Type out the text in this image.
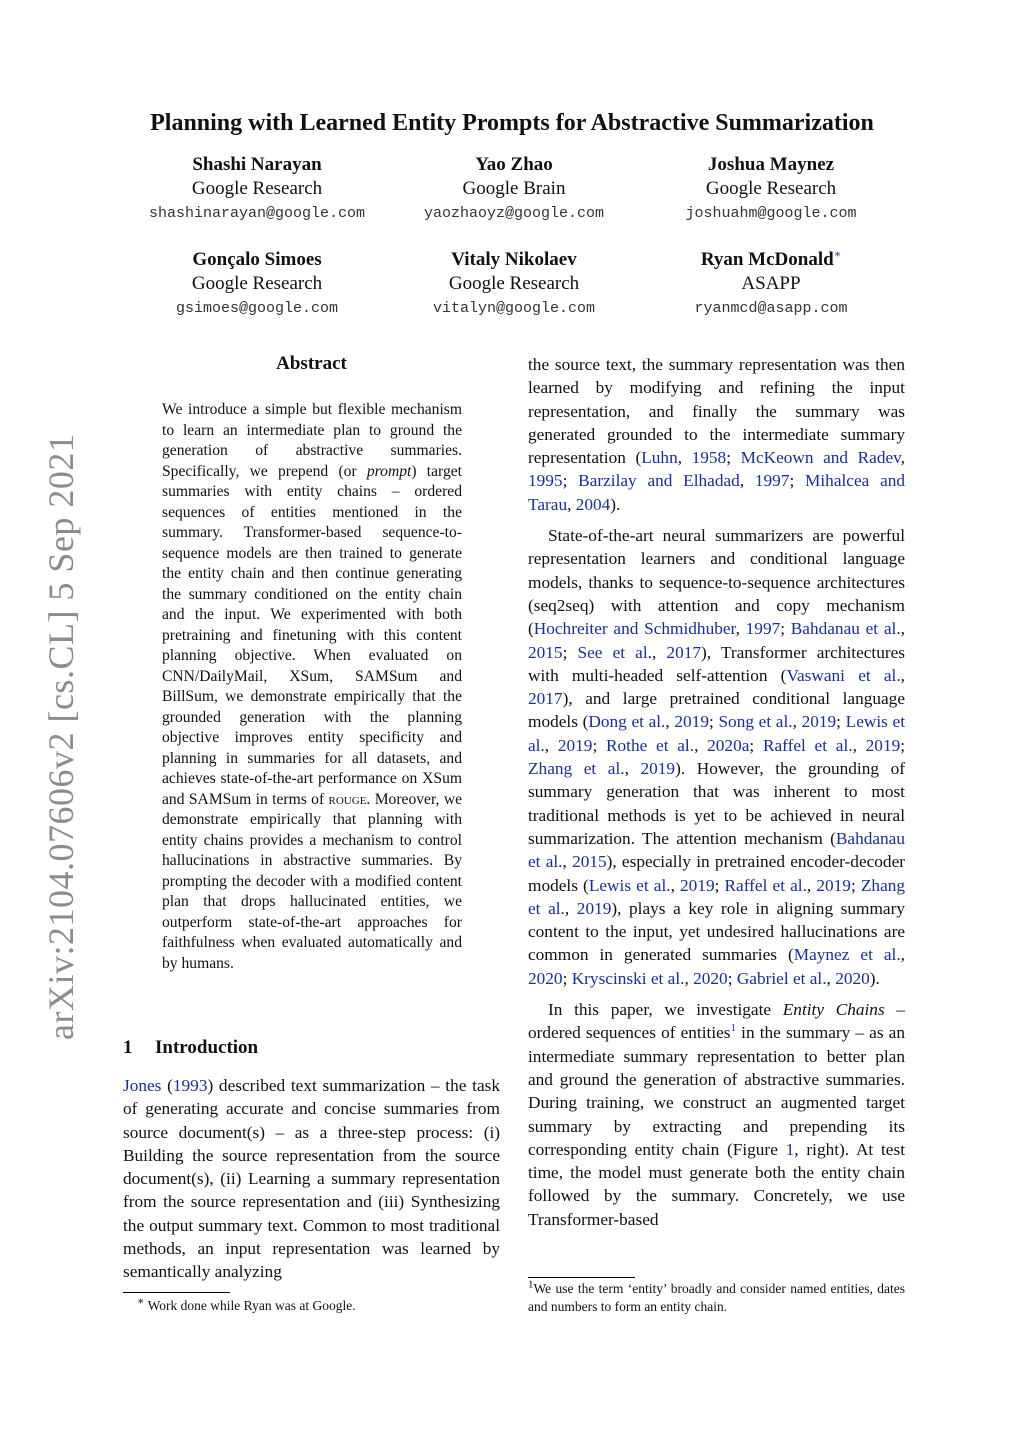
arXiv:2104.07606v2 [cs.CL] 5 Sep 2021
Planning with Learned Entity Prompts for Abstractive Summarization
Shashi Narayan
Google Research
shashinarayan@google.com
Yao Zhao
Google Brain
yaozhaoyz@google.com
Joshua Maynez
Google Research
joshuahm@google.com
Gonçalo Simoes
Google Research
gsimoes@google.com
Vitaly Nikolaev
Google Research
vitalyn@google.com
Ryan McDonald∗
ASAPP
ryanmcd@asapp.com
Abstract

We introduce a simple but flexible mechanism to learn an intermediate plan to ground the generation of abstractive summaries. Specifically, we prepend (or prompt) target summaries with entity chains – ordered sequences of entities mentioned in the summary. Transformer-based sequence-to-sequence models are then trained to generate the entity chain and then continue generating the summary conditioned on the entity chain and the input. We experimented with both pretraining and finetuning with this content planning objective. When evaluated on CNN/DailyMail, XSum, SAMSum and BillSum, we demonstrate empirically that the grounded generation with the planning objective improves entity specificity and planning in summaries for all datasets, and achieves state-of-the-art performance on XSum and SAMSum in terms of rouge. Moreover, we demonstrate empirically that planning with entity chains provides a mechanism to control hallucinations in abstractive summaries. By prompting the decoder with a modified content plan that drops hallucinated entities, we outperform state-of-the-art approaches for faithfulness when evaluated automatically and by humans.

1 Introduction

Jones (1993) described text summarization – the task of generating accurate and concise summaries from source document(s) – as a three-step process: (i) Building the source representation from the source document(s), (ii) Learning a summary representation from the source representation and (iii) Synthesizing the output summary text. Common to most traditional methods, an input representation was learned by semantically analyzing

∗ Work done while Ryan was at Google.

the source text, the summary representation was then learned by modifying and refining the input representation, and finally the summary was generated grounded to the intermediate summary representation (Luhn, 1958; McKeown and Radev, 1995; Barzilay and Elhadad, 1997; Mihalcea and Tarau, 2004).

State-of-the-art neural summarizers are powerful representation learners and conditional language models, thanks to sequence-to-sequence architectures (seq2seq) with attention and copy mechanism (Hochreiter and Schmidhuber, 1997; Bahdanau et al., 2015; See et al., 2017), Transformer architectures with multi-headed self-attention (Vaswani et al., 2017), and large pretrained conditional language models (Dong et al., 2019; Song et al., 2019; Lewis et al., 2019; Rothe et al., 2020a; Raffel et al., 2019; Zhang et al., 2019). However, the grounding of summary generation that was inherent to most traditional methods is yet to be achieved in neural summarization. The attention mechanism (Bahdanau et al., 2015), especially in pretrained encoder-decoder models (Lewis et al., 2019; Raffel et al., 2019; Zhang et al., 2019), plays a key role in aligning summary content to the input, yet undesired hallucinations are common in generated summaries (Maynez et al., 2020; Kryscinski et al., 2020; Gabriel et al., 2020).

In this paper, we investigate Entity Chains – ordered sequences of entities$^1$ in the summary – as an intermediate summary representation to better plan and ground the generation of abstractive summaries. During training, we construct an augmented target summary by extracting and prepending its corresponding entity chain (Figure 1, right). At test time, the model must generate both the entity chain followed by the summary. Concretely, we use Transformer-based

$^1$We use the term ‘entity’ broadly and consider named entities, dates and numbers to form an entity chain.
